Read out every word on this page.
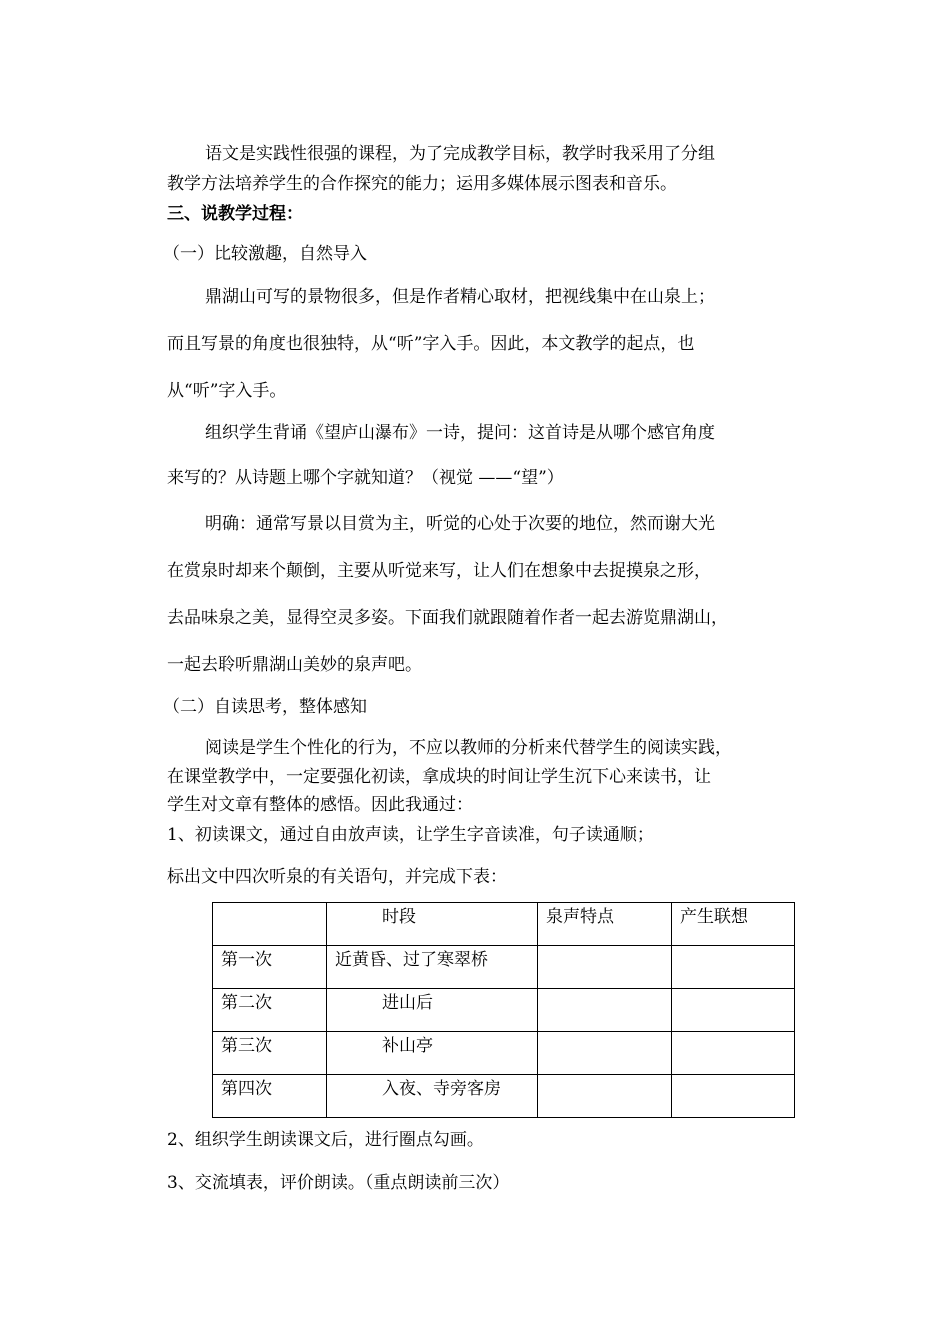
语文是实践性很强的课程，为了完成教学目标，教学时我采用了分组
教学方法培养学生的合作探究的能力；运用多媒体展示图表和音乐。
三、说教学过程：
（一）比较激趣，自然导入
鼎湖山可写的景物很多，但是作者精心取材，把视线集中在山泉上；
而且写景的角度也很独特，从“听”字入手。因此，本文教学的起点，也
从“听”字入手。
组织学生背诵《望庐山瀑布》一诗，提问：这首诗是从哪个感官角度
来写的？从诗题上哪个字就知道？（视觉 ——“望”）
明确：通常写景以目赏为主，听觉的心处于次要的地位，然而谢大光
在赏泉时却来个颠倒，主要从听觉来写，让人们在想象中去捉摸泉之形，
去品味泉之美，显得空灵多姿。下面我们就跟随着作者一起去游览鼎湖山，
一起去聆听鼎湖山美妙的泉声吧。
（二）自读思考，整体感知
阅读是学生个性化的行为，不应以教师的分析来代替学生的阅读实践，
在课堂教学中，一定要强化初读，拿成块的时间让学生沉下心来读书，让
学生对文章有整体的感悟。因此我通过：
1、初读课文，通过自由放声读，让学生字音读准，句子读通顺；
标出文中四次听泉的有关语句，并完成下表：
	时段	泉声特点	产生联想
第一次	近黄昏、过了寒翠桥		
第二次	进山后		
第三次	补山亭		
第四次	入夜、寺旁客房		
2、组织学生朗读课文后，进行圈点勾画。
3、交流填表，评价朗读。（重点朗读前三次）
